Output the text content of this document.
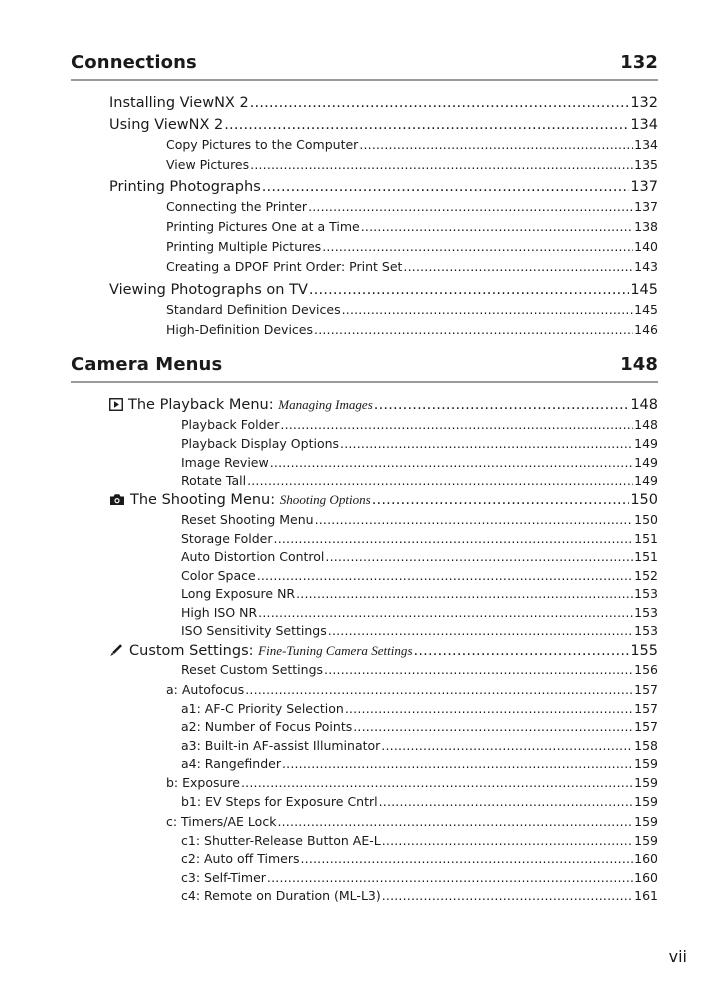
Connections	132
Installing ViewNX 2 .....	132
Using ViewNX 2 .....	134
Copy Pictures to the Computer .....	134
View Pictures .....	135
Printing Photographs .....	137
Connecting the Printer .....	137
Printing Pictures One at a Time .....	138
Printing Multiple Pictures .....	140
Creating a DPOF Print Order: Print Set .....	143
Viewing Photographs on TV .....	145
Standard Definition Devices .....	145
High-Definition Devices .....	146
Camera Menus	148
The Playback Menu: Managing Images .....	148
Playback Folder .....	148
Playback Display Options .....	149
Image Review .....	149
Rotate Tall .....	149
The Shooting Menu: Shooting Options .....	150
Reset Shooting Menu .....	150
Storage Folder .....	151
Auto Distortion Control .....	151
Color Space .....	152
Long Exposure NR .....	153
High ISO NR .....	153
ISO Sensitivity Settings .....	153
Custom Settings: Fine-Tuning Camera Settings .....	155
Reset Custom Settings .....	156
a: Autofocus .....	157
a1: AF-C Priority Selection .....	157
a2: Number of Focus Points .....	157
a3: Built-in AF-assist Illuminator .....	158
a4: Rangefinder .....	159
b: Exposure .....	159
b1: EV Steps for Exposure Cntrl .....	159
c: Timers/AE Lock .....	159
c1: Shutter-Release Button AE-L .....	159
c2: Auto off Timers .....	160
c3: Self-Timer .....	160
c4: Remote on Duration (ML-L3) .....	161
vii
